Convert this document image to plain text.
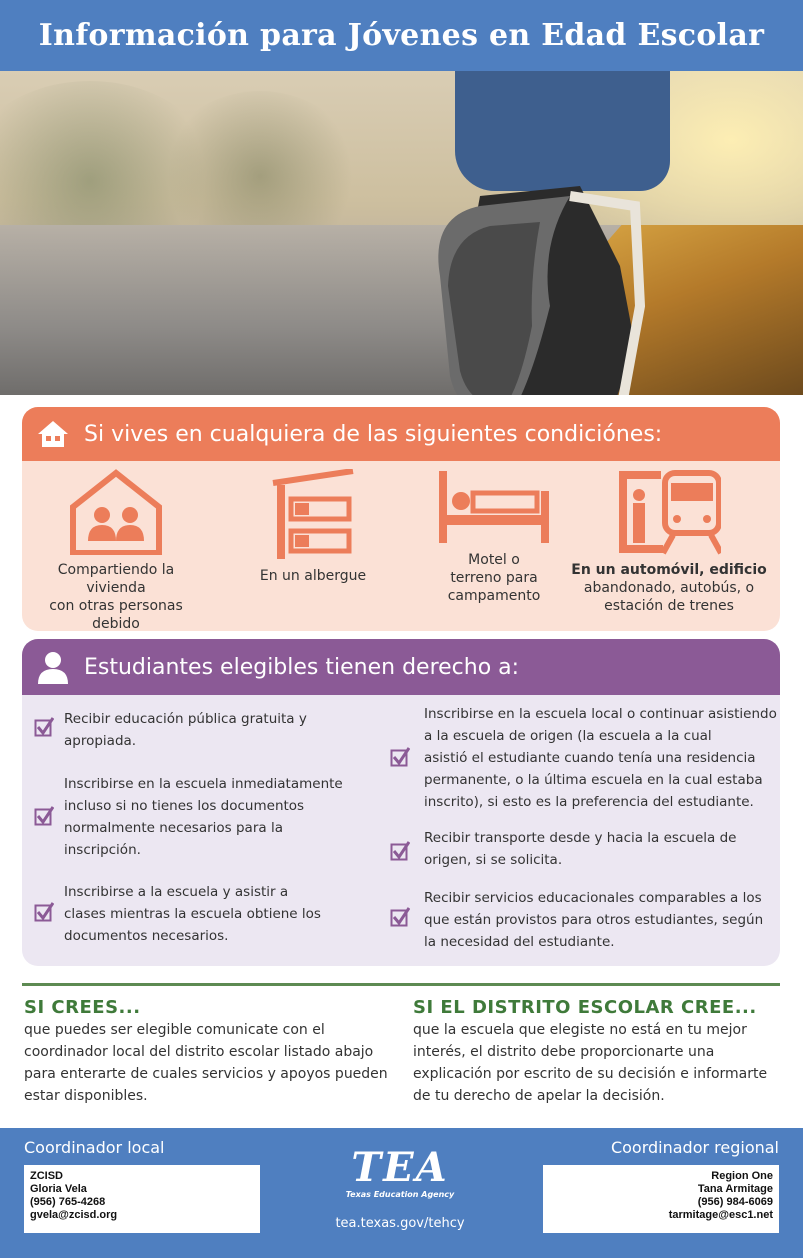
Información para Jóvenes en Edad Escolar
Si vives en cualquiera de las siguientes condiciónes:
Compartiendo la vivienda
con otras personas debido
En un albergue
Motel o
terreno para
campamento
En un automóvil, edificio
abandonado, autobús, o
estación de trenes
Estudiantes elegibles tienen derecho a:
Recibir educación pública gratuita y
apropiada.
Inscribirse en la escuela inmediatamente
incluso si no tienes los documentos
normalmente necesarios para la
inscripción.
Inscribirse a la escuela y asistir a
clases mientras la escuela obtiene los
documentos necesarios.
Inscribirse en la escuela local o continuar asistiendo
a la escuela de origen (la escuela a la cual
asistió el estudiante cuando tenía una residencia
permanente, o la última escuela en la cual estaba
inscrito), si esto es la preferencia del estudiante.
Recibir transporte desde y hacia la escuela de
origen, si se solicita.
Recibir servicios educacionales comparables a los
que están provistos para otros estudiantes, según
la necesidad del estudiante.
SI CREES...
que puedes ser elegible comunicate con el
coordinador local del distrito escolar listado abajo
para enterarte de cuales servicios y apoyos pueden
estar disponibles.
SI EL DISTRITO ESCOLAR CREE...
que la escuela que elegiste no está en tu mejor
interés, el distrito debe proporcionarte una
explicación por escrito de su decisión e informarte
de tu derecho de apelar la decisión.
Coordinador local	Coordinador regional
ZCISD
Gloria Vela
(956) 765-4268
gvela@zcisd.org
TEA
Texas Education Agency
tea.texas.gov/tehcy
Region One
Tana Armitage
(956) 984-6069
tarmitage@esc1.net
